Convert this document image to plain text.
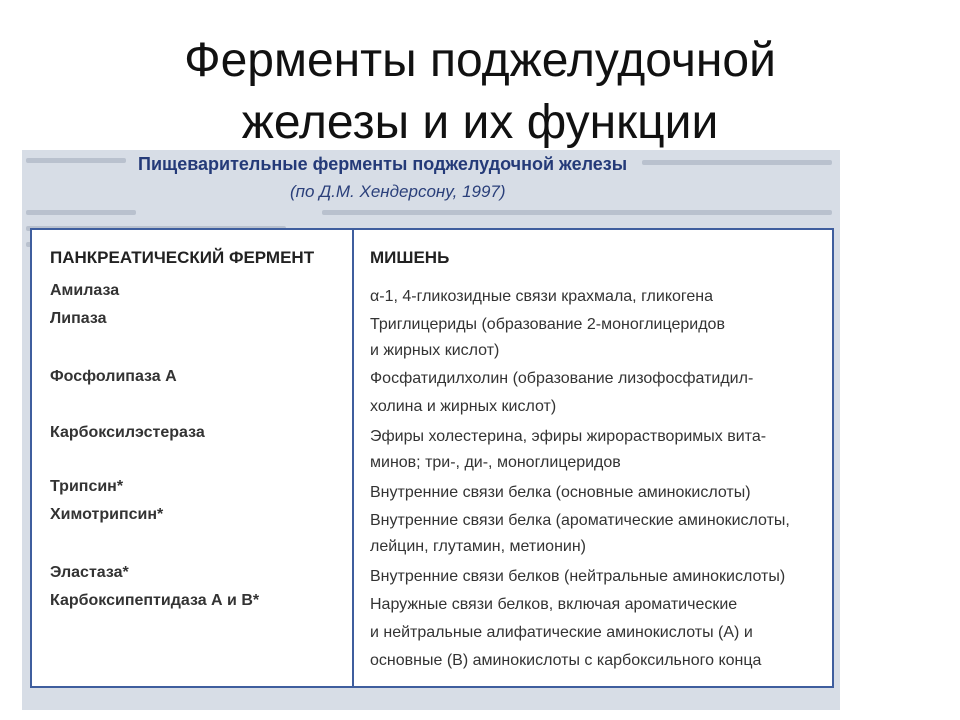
Ферменты поджелудочной
железы и их функции
Пищеварительные ферменты поджелудочной железы
(по Д.М. Хендерсону, 1997)
ПАНКРЕАТИЧЕСКИЙ ФЕРМЕНТ	МИШЕНЬ
Амилаза
Липаза
Фосфолипаза А
Карбоксилэстераза
Трипсин*
Химотрипсин*
Эластаза*
Карбоксипептидаза А и В*
α-1, 4-гликозидные связи крахмала, гликогена
Триглицериды (образование 2-моноглицеридов
и жирных кислот)
Фосфатидилхолин (образование лизофосфатидил-
холина и жирных кислот)
Эфиры холестерина, эфиры жирорастворимых вита-
минов; три-, ди-, моноглицеридов
Внутренние связи белка (основные аминокислоты)
Внутренние связи белка (ароматические аминокислоты,
лейцин, глутамин, метионин)
Внутренние связи белков (нейтральные аминокислоты)
Наружные связи белков, включая ароматические
и нейтральные алифатические аминокислоты (А) и
основные (В) аминокислоты с карбоксильного конца
